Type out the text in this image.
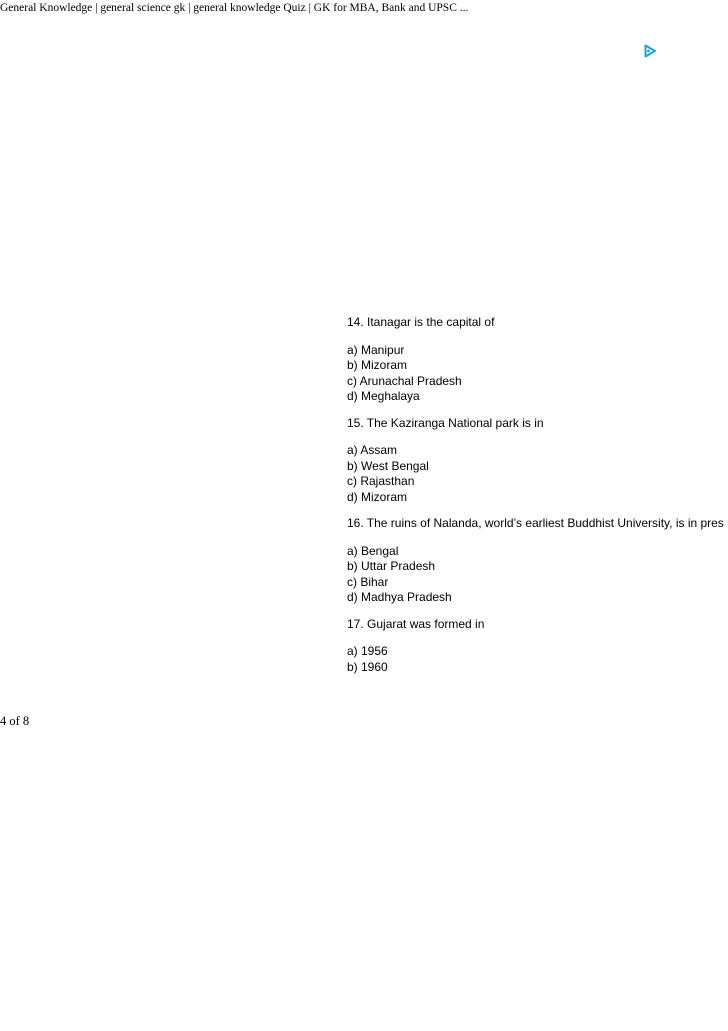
General Knowledge | general science gk | general knowledge Quiz | GK for MBA, Bank and UPSC ...
14. Itanagar is the capital of
a) Manipur
b) Mizoram
c) Arunachal Pradesh
d) Meghalaya
15. The Kaziranga National park is in
a) Assam
b) West Bengal
c) Rajasthan
d) Mizoram
16. The ruins of Nalanda, world’s earliest Buddhist University, is in pres
a) Bengal
b) Uttar Pradesh
c) Bihar
d) Madhya Pradesh
17. Gujarat was formed in
a) 1956
b) 1960
4 of 8
